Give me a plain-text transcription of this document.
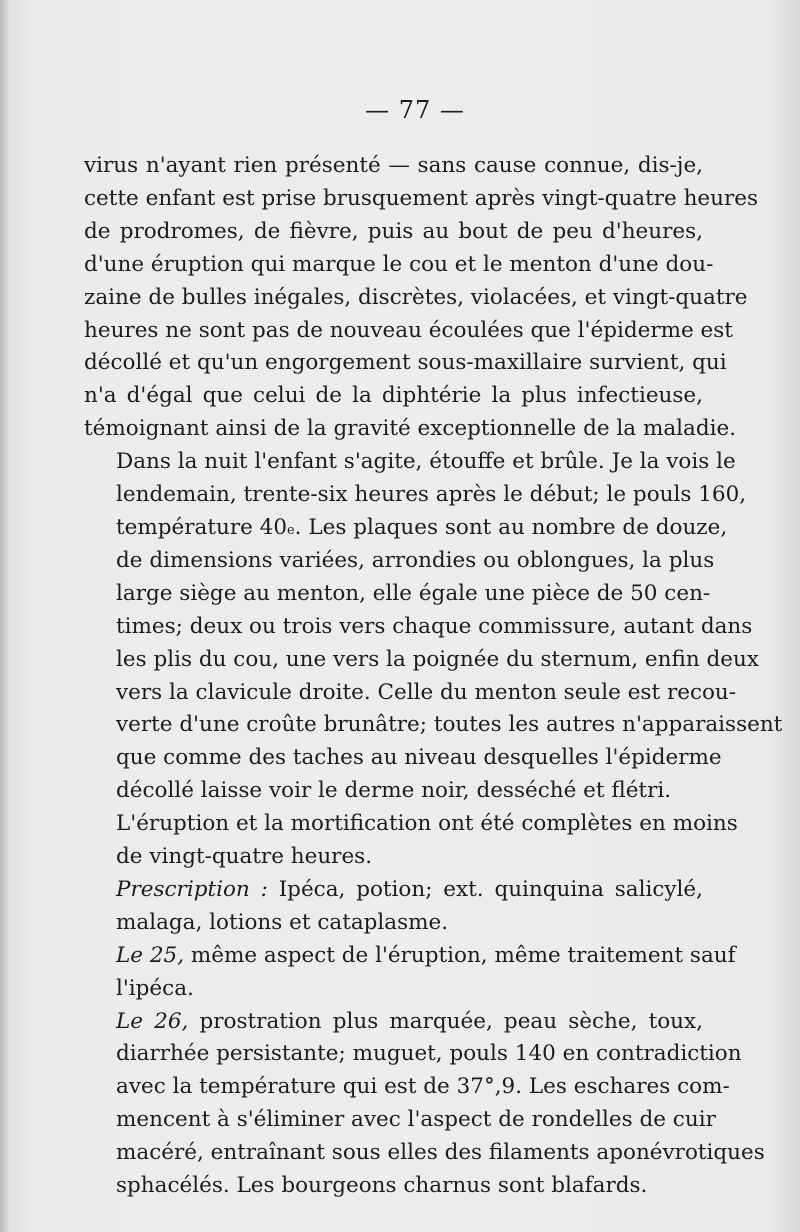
— 77 —

virus n'ayant rien présenté — sans cause connue, dis-je,
cette enfant est prise brusquement après vingt-quatre heures
de prodromes, de fièvre, puis au bout de peu d'heures,
d'une éruption qui marque le cou et le menton d'une dou-
zaine de bulles inégales, discrètes, violacées, et vingt-quatre
heures ne sont pas de nouveau écoulées que l'épiderme est
décollé et qu'un engorgement sous-maxillaire survient, qui
n'a d'égal que celui de la diphtérie la plus infectieuse,
témoignant ainsi de la gravité exceptionnelle de la maladie.

Dans la nuit l'enfant s'agite, étouffe et brûle. Je la vois le
lendemain, trente-six heures après le début; le pouls 160,
température 40e. Les plaques sont au nombre de douze,
de dimensions variées, arrondies ou oblongues, la plus
large siège au menton, elle égale une pièce de 50 cen-
times; deux ou trois vers chaque commissure, autant dans
les plis du cou, une vers la poignée du sternum, enfin deux
vers la clavicule droite. Celle du menton seule est recou-
verte d'une croûte brunâtre; toutes les autres n'apparaissent
que comme des taches au niveau desquelles l'épiderme
décollé laisse voir le derme noir, desséché et flétri.

L'éruption et la mortification ont été complètes en moins
de vingt-quatre heures.

Prescription : Ipéca, potion; ext. quinquina salicylé,
malaga, lotions et cataplasme.

Le 25, même aspect de l'éruption, même traitement sauf
l'ipéca.

Le 26, prostration plus marquée, peau sèche, toux,
diarrhée persistante; muguet, pouls 140 en contradiction
avec la température qui est de 37°,9. Les eschares com-
mencent à s'éliminer avec l'aspect de rondelles de cuir
macéré, entraînant sous elles des filaments aponévrotiques
sphacélés. Les bourgeons charnus sont blafards.
